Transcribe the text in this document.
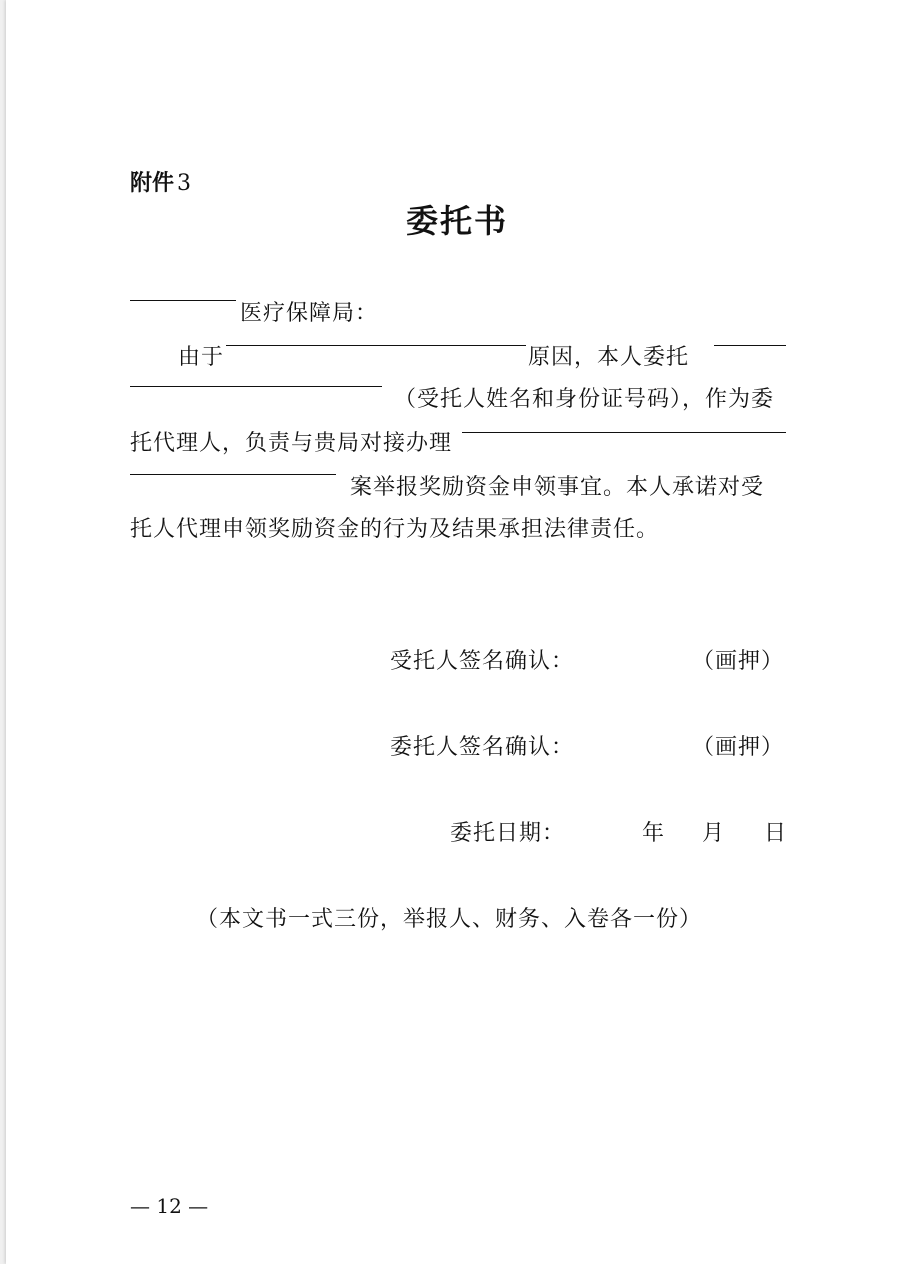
附件 3
委托书
医疗保障局：
由于	原因，本人委托
（受托人姓名和身份证号码），作为委
托代理人，负责与贵局对接办理
案举报奖励资金申领事宜。本人承诺对受
托人代理申领奖励资金的行为及结果承担法律责任。
受托人签名确认：	（画押）
委托人签名确认：	（画押）
委托日期：	年 月 日
（本文书一式三份，举报人、财务、入卷各一份）
— 12 —
